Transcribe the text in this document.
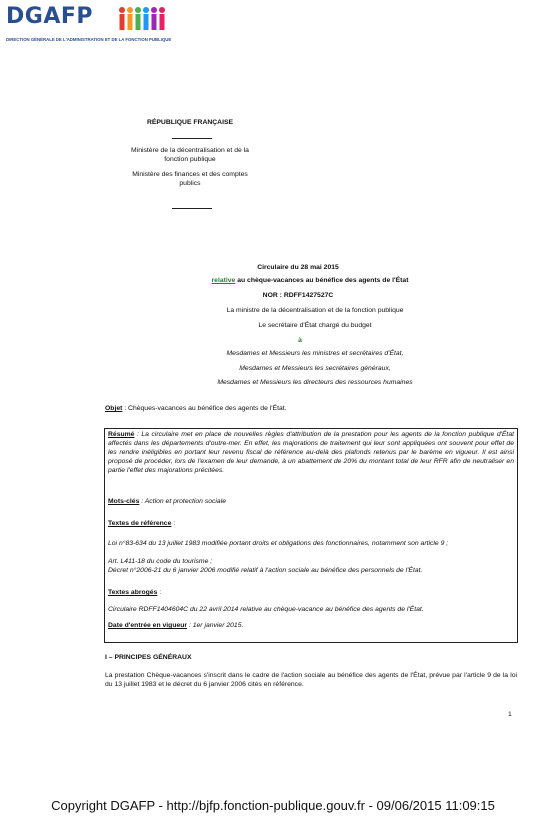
DGAFP
DIRECTION GÉNÉRALE DE L'ADMINISTRATION ET DE LA FONCTION PUBLIQUE
RÉPUBLIQUE FRANÇAISE
Ministère de la décentralisation et de la
fonction publique
Ministère des finances et des comptes
publics
Circulaire du 28 mai 2015
relative au chèque-vacances au bénéfice des agents de l'État
NOR : RDFF1427527C
La ministre de la décentralisation et de la fonction publique
Le secrétaire d'État chargé du budget
à
Mesdames et Messieurs les ministres et secrétaires d'État,
Mesdames et Messieurs les secrétaires généraux,
Mesdames et Messieurs les directeurs des ressources humaines
Objet : Chèques-vacances au bénéfice des agents de l'État.
Résumé : La circulaire met en place de nouvelles règles d'attribution de la prestation pour les agents de la fonction publique d'État affectés dans les départements d'outre-mer. En effet, les majorations de traitement qui leur sont appliquées ont souvent pour effet de les rendre inéligibles en portant leur revenu fiscal de référence au-delà des plafonds retenus par le barème en vigueur. Il est ainsi proposé de procéder, lors de l'examen de leur demande, à un abattement de 20% du montant total de leur RFR afin de neutraliser en partie l'effet des majorations précitées.
Mots-clés : Action et protection sociale
Textes de référence :
Loi n°83-634 du 13 juillet 1983 modifiée portant droits et obligations des fonctionnaires, notamment son article 9 ;
Art. L411-18 du code du tourisme ;
Décret n°2006-21 du 6 janvier 2006 modifié relatif à l'action sociale au bénéfice des personnels de l'État.
Textes abrogés :
Circulaire RDFF1404604C du 22 avril 2014 relative au chèque-vacance au bénéfice des agents de l'État.
Date d'entrée en vigueur : 1er janvier 2015.
I – PRINCIPES GÉNÉRAUX
La prestation Chèque-vacances s'inscrit dans le cadre de l'action sociale au bénéfice des agents de l'État, prévue par l'article 9 de la loi du 13 juillet 1983 et le décret du 6 janvier 2006 cités en référence.
1
Copyright DGAFP - http://bjfp.fonction-publique.gouv.fr - 09/06/2015 11:09:15
